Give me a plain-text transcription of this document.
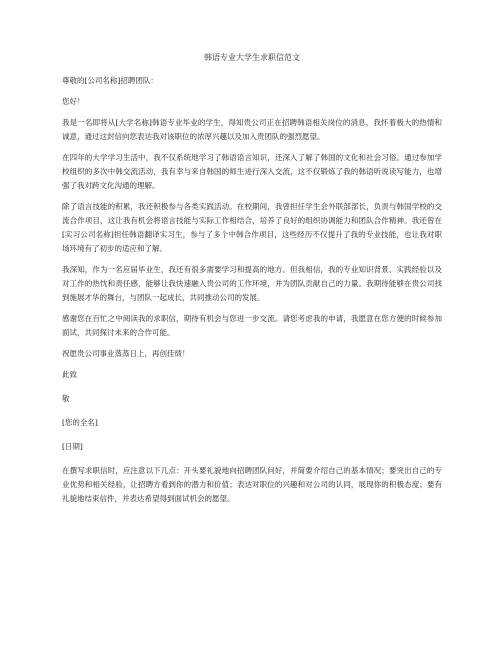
韩语专业大学生求职信范文

尊敬的[公司名称]招聘团队：

您好！

我是一名即将从[大学名称]韩语专业毕业的学生，得知贵公司正在招聘韩语相关岗位的消息，我怀着极大的热情和诚意，通过这封信向您表达我对该职位的浓厚兴趣以及加入贵团队的强烈愿望。

在四年的大学学习生活中，我不仅系统地学习了韩语语言知识，还深入了解了韩国的文化和社会习俗。通过参加学校组织的多次中韩交流活动，我有幸与来自韩国的师生进行深入交流，这不仅锻炼了我的韩语听说读写能力，也增强了我对跨文化沟通的理解。

除了语言技能的积累，我还积极参与各类实践活动。在校期间，我曾担任学生会外联部部长，负责与韩国学校的交流合作项目，这让我有机会将语言技能与实际工作相结合，培养了良好的组织协调能力和团队合作精神。我还曾在[实习公司名称]担任韩语翻译实习生，参与了多个中韩合作项目，这些经历不仅提升了我的专业技能，也让我对职场环境有了初步的适应和了解。

我深知，作为一名应届毕业生，我还有很多需要学习和提高的地方。但我相信，我的专业知识背景、实践经验以及对工作的热忱和责任感，能够让我快速融入贵公司的工作环境，并为团队贡献自己的力量。我期待能够在贵公司找到施展才华的舞台，与团队一起成长，共同推动公司的发展。

感谢您在百忙之中阅读我的求职信，期待有机会与您进一步交流。请您考虑我的申请，我愿意在您方便的时候参加面试，共同探讨未来的合作可能。

祝愿贵公司事业蒸蒸日上，再创佳绩！

此致

敬

[您的全名]

[日期]

在撰写求职信时，应注意以下几点：开头要礼貌地向招聘团队问好，并简要介绍自己的基本情况；要突出自己的专业优势和相关经验，让招聘方看到你的潜力和价值；表达对职位的兴趣和对公司的认同，展现你的积极态度；要有礼貌地结束信件，并表达希望得到面试机会的愿望。
